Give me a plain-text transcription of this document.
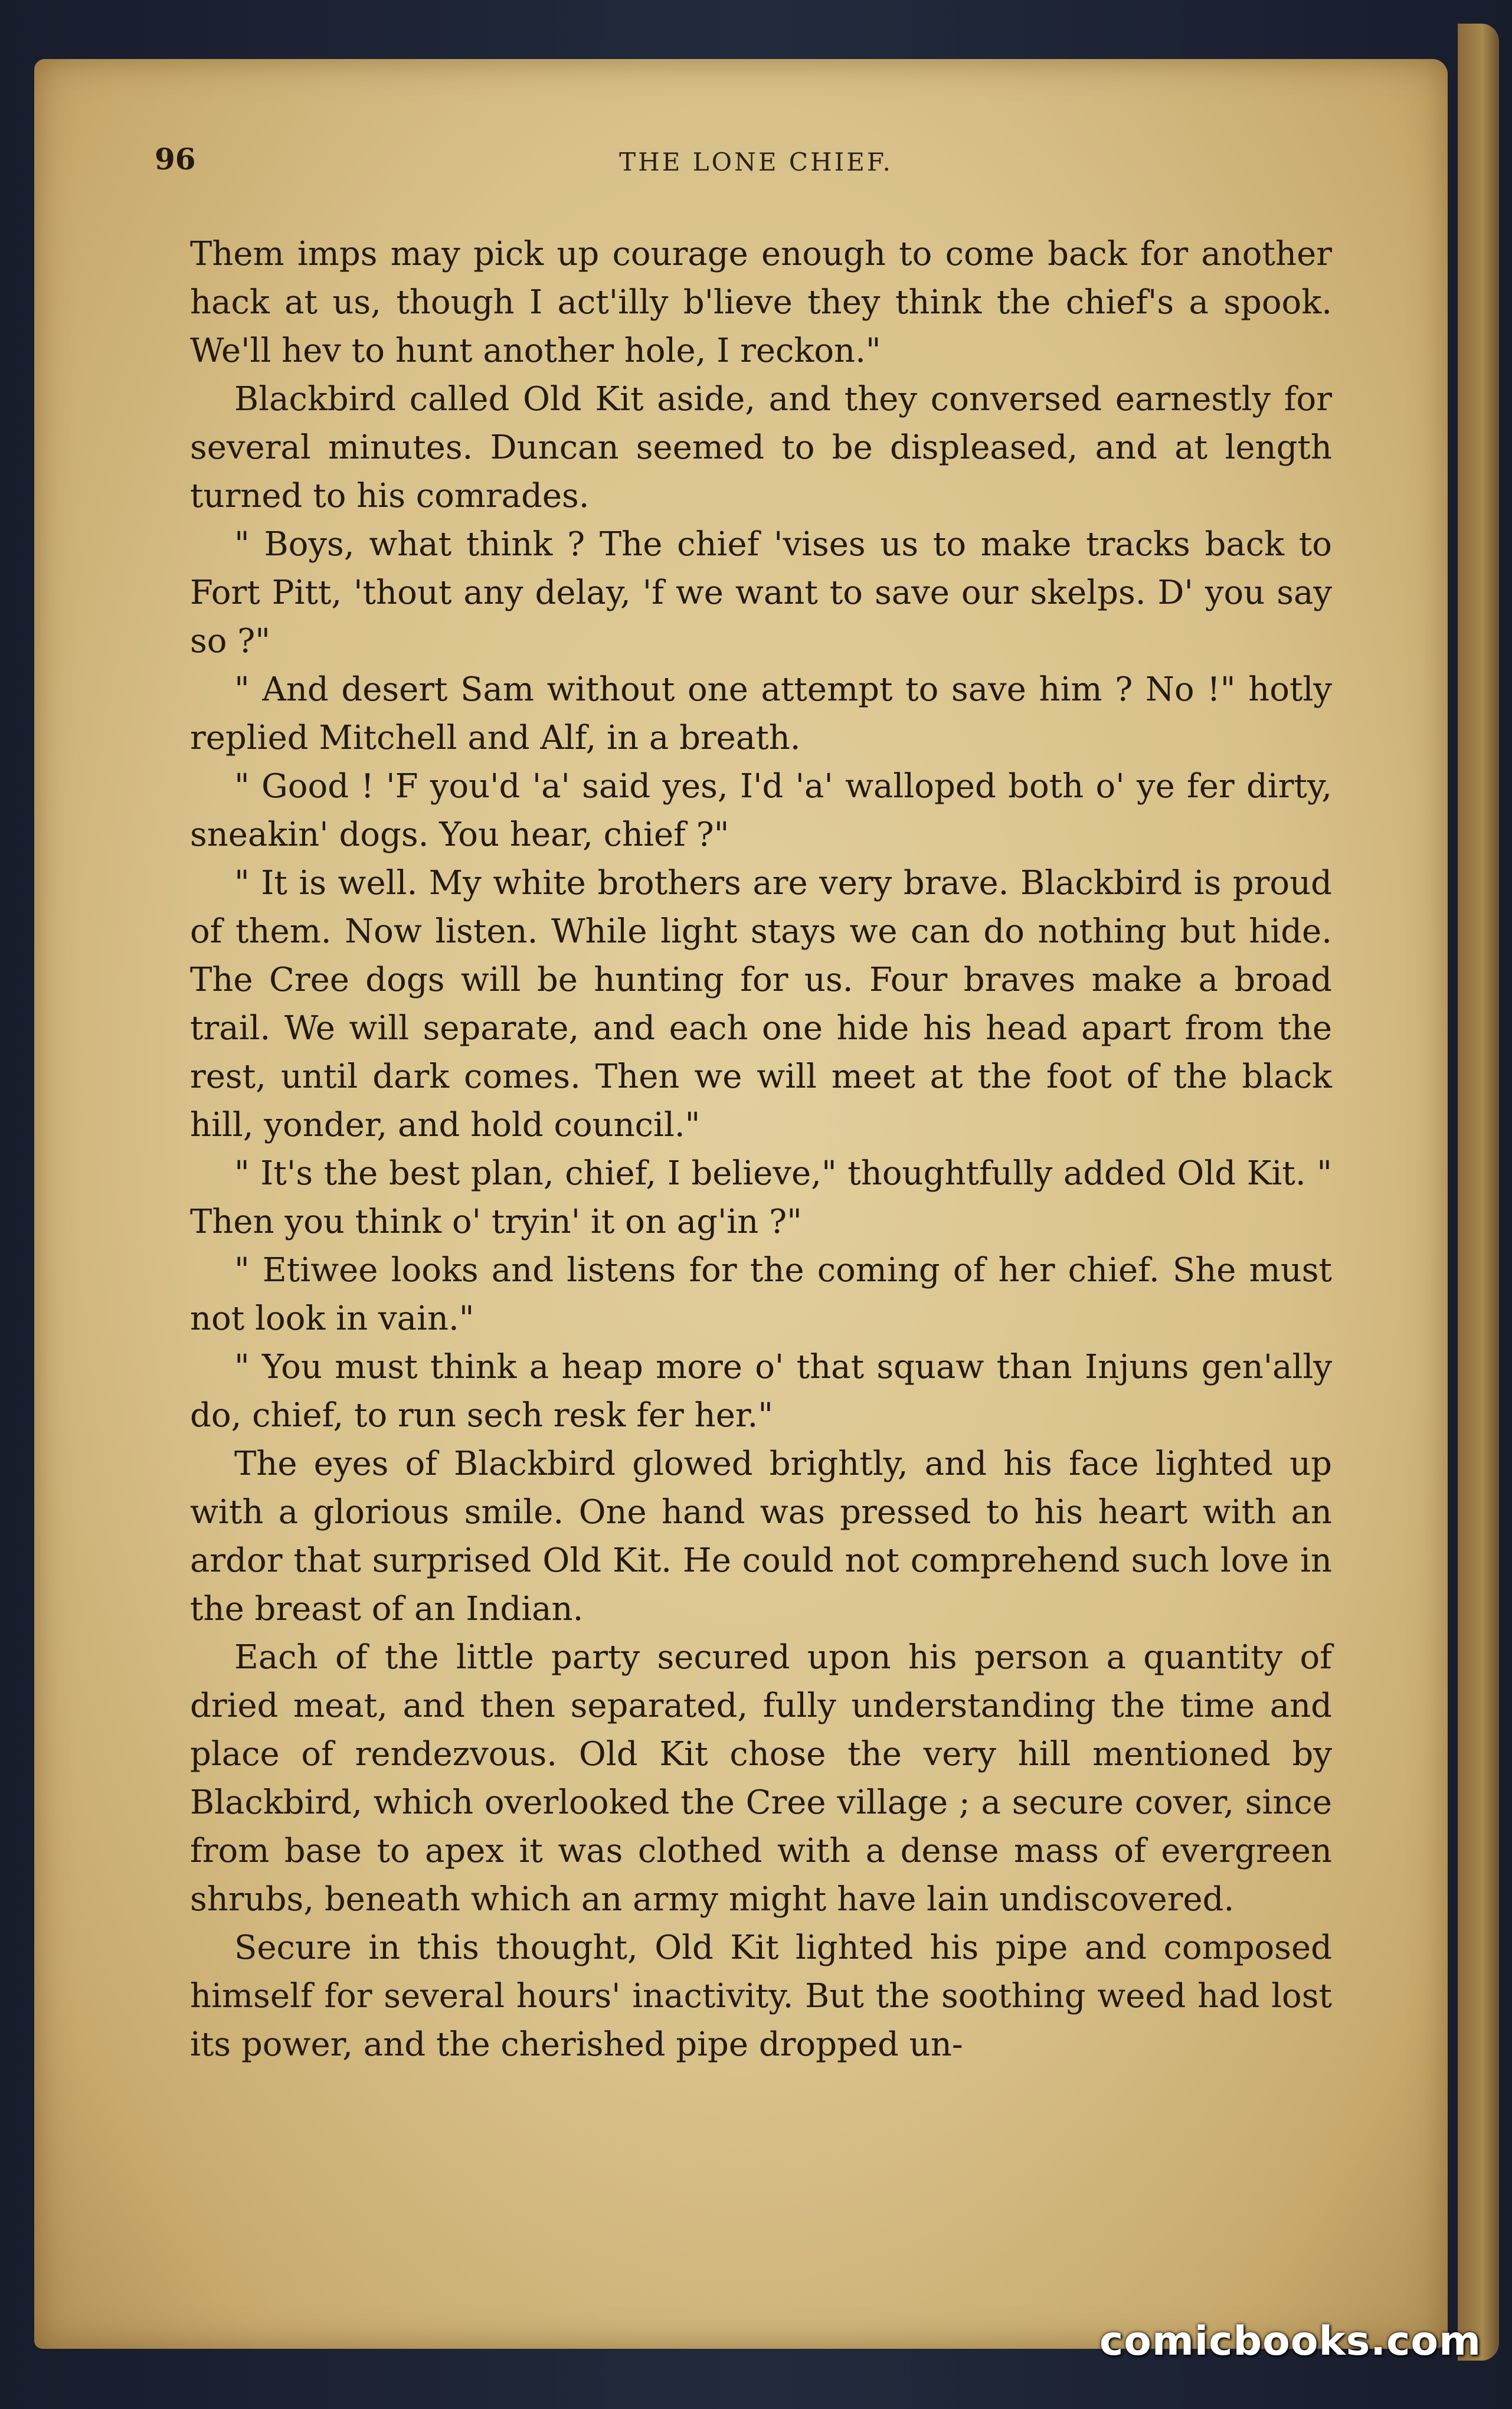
96	THE LONE CHIEF.

Them imps may pick up courage enough to come back for another hack at us, though I act'illy b'lieve they think the chief's a spook. We'll hev to hunt another hole, I reckon."

Blackbird called Old Kit aside, and they conversed earnestly for several minutes. Duncan seemed to be displeased, and at length turned to his comrades.

" Boys, what think ? The chief 'vises us to make tracks back to Fort Pitt, 'thout any delay, 'f we want to save our skelps. D' you say so ?"

" And desert Sam without one attempt to save him ? No !" hotly replied Mitchell and Alf, in a breath.

" Good ! 'F you'd 'a' said yes, I'd 'a' walloped both o' ye fer dirty, sneakin' dogs. You hear, chief ?"

" It is well. My white brothers are very brave. Blackbird is proud of them. Now listen. While light stays we can do nothing but hide. The Cree dogs will be hunting for us. Four braves make a broad trail. We will separate, and each one hide his head apart from the rest, until dark comes. Then we will meet at the foot of the black hill, yonder, and hold council."

" It's the best plan, chief, I believe," thoughtfully added Old Kit. " Then you think o' tryin' it on ag'in ?"

" Etiwee looks and listens for the coming of her chief. She must not look in vain."

" You must think a heap more o' that squaw than Injuns gen'ally do, chief, to run sech resk fer her."

The eyes of Blackbird glowed brightly, and his face lighted up with a glorious smile. One hand was pressed to his heart with an ardor that surprised Old Kit. He could not comprehend such love in the breast of an Indian.

Each of the little party secured upon his person a quantity of dried meat, and then separated, fully understanding the time and place of rendezvous. Old Kit chose the very hill mentioned by Blackbird, which overlooked the Cree village ; a secure cover, since from base to apex it was clothed with a dense mass of evergreen shrubs, beneath which an army might have lain undiscovered.

Secure in this thought, Old Kit lighted his pipe and composed himself for several hours' inactivity. But the soothing weed had lost its power, and the cherished pipe dropped un-

comicbooks.com
